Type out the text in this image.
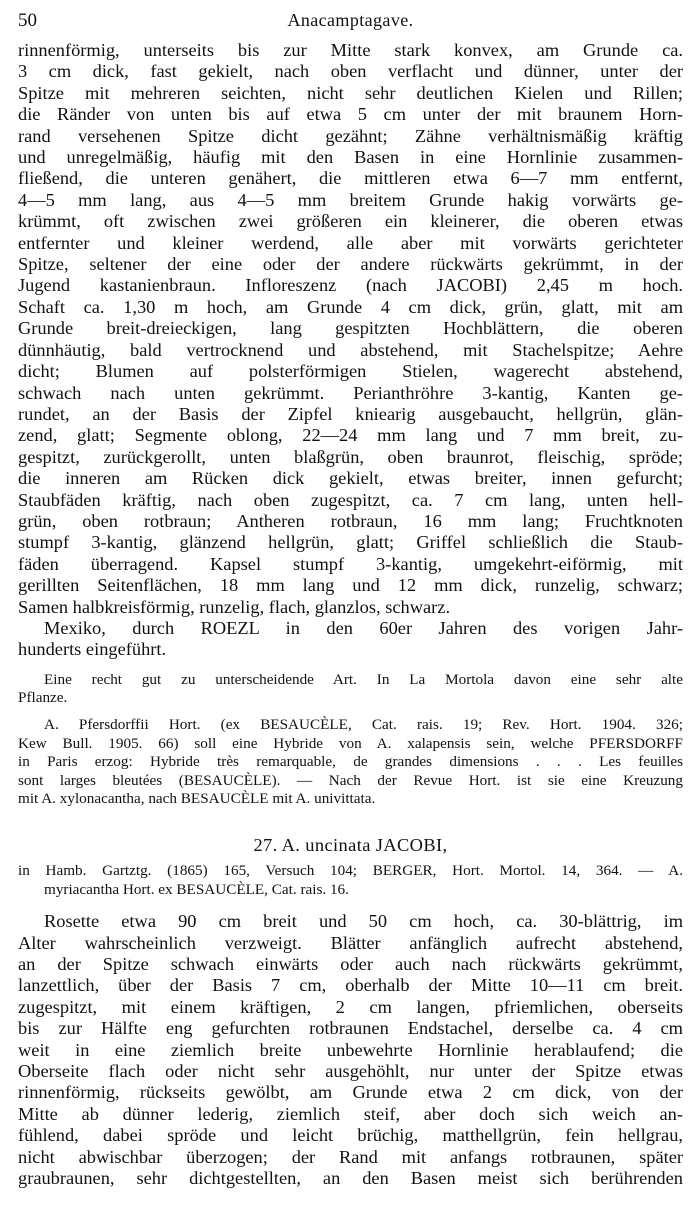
50	Anacamptagave.
rinnenförmig, unterseits bis zur Mitte stark konvex, am Grunde ca.
3 cm dick, fast gekielt, nach oben verflacht und dünner, unter der
Spitze mit mehreren seichten, nicht sehr deutlichen Kielen und Rillen;
die Ränder von unten bis auf etwa 5 cm unter der mit braunem Horn-
rand versehenen Spitze dicht gezähnt; Zähne verhältnismäßig kräftig
und unregelmäßig, häufig mit den Basen in eine Hornlinie zusammen-
fließend, die unteren genähert, die mittleren etwa 6—7 mm entfernt,
4—5 mm lang, aus 4—5 mm breitem Grunde hakig vorwärts ge-
krümmt, oft zwischen zwei größeren ein kleinerer, die oberen etwas
entfernter und kleiner werdend, alle aber mit vorwärts gerichteter
Spitze, seltener der eine oder der andere rückwärts gekrümmt, in der
Jugend kastanienbraun. Infloreszenz (nach JACOBI) 2,45 m hoch.
Schaft ca. 1,30 m hoch, am Grunde 4 cm dick, grün, glatt, mit am
Grunde breit-dreieckigen, lang gespitzten Hochblättern, die oberen
dünnhäutig, bald vertrocknend und abstehend, mit Stachelspitze; Aehre
dicht; Blumen auf polsterförmigen Stielen, wagerecht abstehend,
schwach nach unten gekrümmt. Perianthröhre 3-kantig, Kanten ge-
rundet, an der Basis der Zipfel kniearig ausgebaucht, hellgrün, glän-
zend, glatt; Segmente oblong, 22—24 mm lang und 7 mm breit, zu-
gespitzt, zurückgerollt, unten blaßgrün, oben braunrot, fleischig, spröde;
die inneren am Rücken dick gekielt, etwas breiter, innen gefurcht;
Staubfäden kräftig, nach oben zugespitzt, ca. 7 cm lang, unten hell-
grün, oben rotbraun; Antheren rotbraun, 16 mm lang; Fruchtknoten
stumpf 3-kantig, glänzend hellgrün, glatt; Griffel schließlich die Staub-
fäden überragend. Kapsel stumpf 3-kantig, umgekehrt-eiförmig, mit
gerillten Seitenflächen, 18 mm lang und 12 mm dick, runzelig, schwarz;
Samen halbkreisförmig, runzelig, flach, glanzlos, schwarz.
Mexiko, durch ROEZL in den 60er Jahren des vorigen Jahr-
hunderts eingeführt.
Eine recht gut zu unterscheidende Art. In La Mortola davon eine sehr alte
Pflanze.
A. Pfersdorffii Hort. (ex BESAUCÈLE, Cat. rais. 19; Rev. Hort. 1904. 326;
Kew Bull. 1905. 66) soll eine Hybride von A. xalapensis sein, welche PFERSDORFF
in Paris erzog: Hybride très remarquable, de grandes dimensions . . . Les feuilles
sont larges bleutées (BESAUCÈLE). — Nach der Revue Hort. ist sie eine Kreuzung
mit A. xylonacantha, nach BESAUCÈLE mit A. univittata.
27. A. uncinata JACOBI,
in Hamb. Gartztg. (1865) 165, Versuch 104; BERGER, Hort. Mortol. 14, 364. — A.
myriacantha Hort. ex BESAUCÈLE, Cat. rais. 16.
Rosette etwa 90 cm breit und 50 cm hoch, ca. 30-blättrig, im
Alter wahrscheinlich verzweigt. Blätter anfänglich aufrecht abstehend,
an der Spitze schwach einwärts oder auch nach rückwärts gekrümmt,
lanzettlich, über der Basis 7 cm, oberhalb der Mitte 10—11 cm breit.
zugespitzt, mit einem kräftigen, 2 cm langen, pfriemlichen, oberseits
bis zur Hälfte eng gefurchten rotbraunen Endstachel, derselbe ca. 4 cm
weit in eine ziemlich breite unbewehrte Hornlinie herablaufend; die
Oberseite flach oder nicht sehr ausgehöhlt, nur unter der Spitze etwas
rinnenförmig, rückseits gewölbt, am Grunde etwa 2 cm dick, von der
Mitte ab dünner lederig, ziemlich steif, aber doch sich weich an-
fühlend, dabei spröde und leicht brüchig, matthellgrün, fein hellgrau,
nicht abwischbar überzogen; der Rand mit anfangs rotbraunen, später
graubraunen, sehr dichtgestellten, an den Basen meist sich berührenden
